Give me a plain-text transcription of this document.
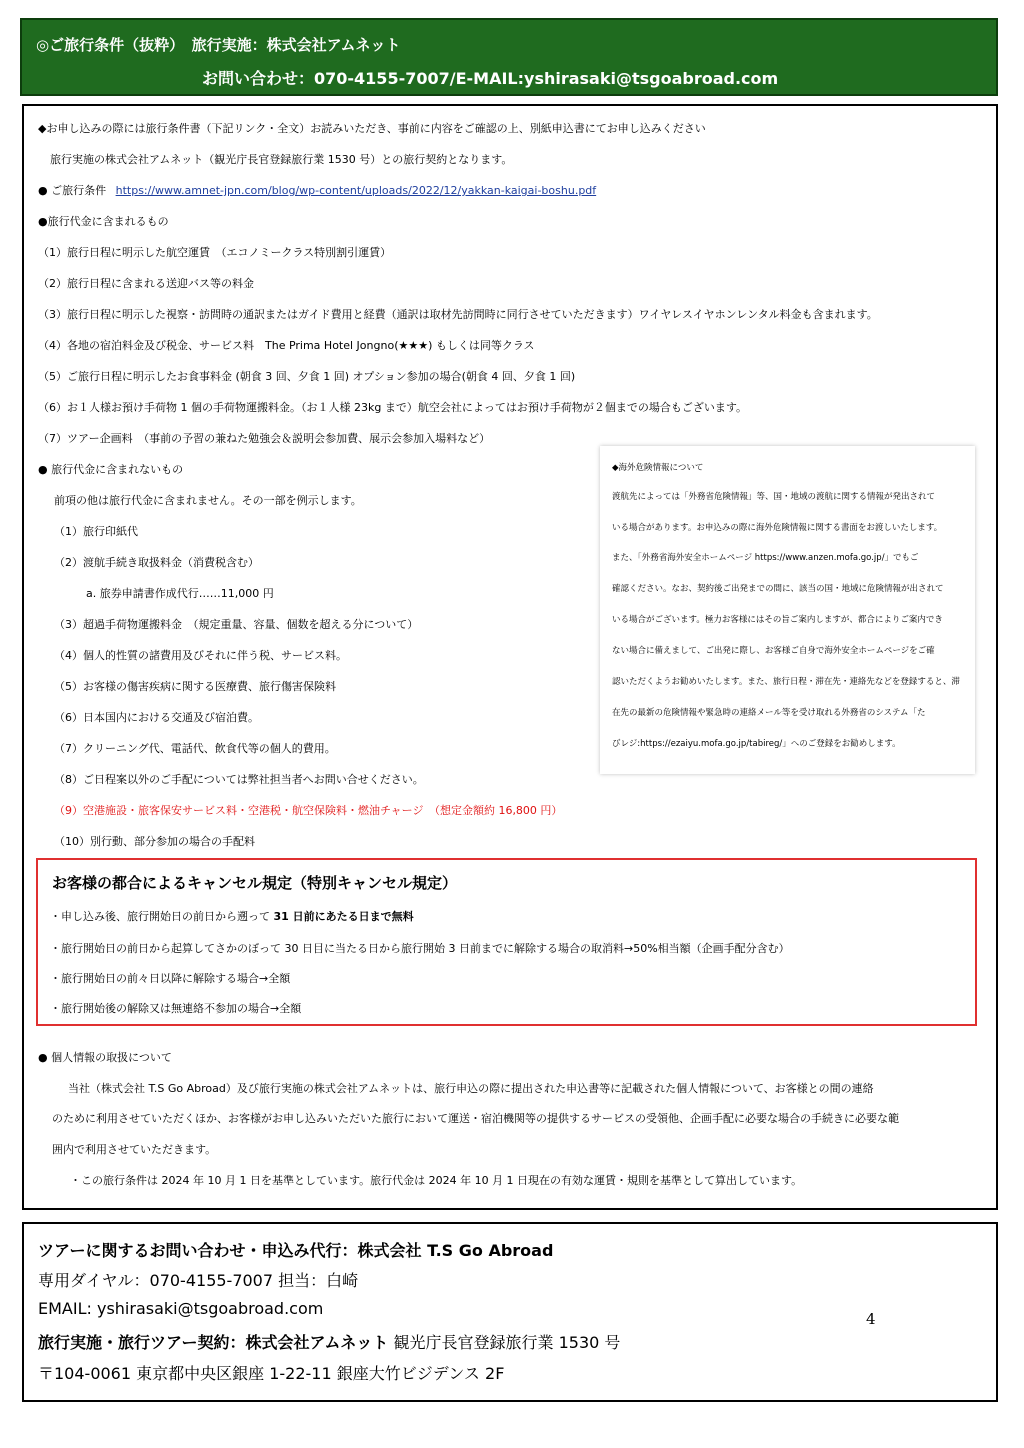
◎ご旅行条件（抜粋）　旅行実施：株式会社アムネット
お問い合わせ：070-4155-7007/E-MAIL:yshirasaki@tsgoabroad.com
◆お申し込みの際には旅行条件書（下記リンク・全文）お読みいただき、事前に内容をご確認の上、別紙申込書にてお申し込みください
旅行実施の株式会社アムネット（観光庁長官登録旅行業 1530 号）との旅行契約となります。
● ご旅行条件 https://www.amnet-jpn.com/blog/wp-content/uploads/2022/12/yakkan-kaigai-boshu.pdf
●旅行代金に含まれるもの
（1）旅行日程に明示した航空運賃　（エコノミークラス特別割引運賃）
（2）旅行日程に含まれる送迎バス等の料金
（3）旅行日程に明示した視察・訪問時の通訳またはガイド費用と経費（通訳は取材先訪問時に同行させていただきます）ワイヤレスイヤホンレンタル料金も含まれます。
（4）各地の宿泊料金及び税金、サービス料　The Prima Hotel Jongno(★★★) もしくは同等クラス
（5）ご旅行日程に明示したお食事料金 (朝食 3 回、夕食 1 回) オプション参加の場合(朝食 4 回、夕食 1 回)
（6）お１人様お預け手荷物 1 個の手荷物運搬料金。（お１人様 23kg まで）航空会社によってはお預け手荷物が２個までの場合もございます。
（7）ツアー企画料　（事前の予習の兼ねた勉強会＆説明会参加費、展示会参加入場料など）
● 旅行代金に含まれないもの
前項の他は旅行代金に含まれません。その一部を例示します。
（1）旅行印紙代
（2）渡航手続き取扱料金（消費税含む）
a. 旅券申請書作成代行……11,000 円
（3）超過手荷物運搬料金　（規定重量、容量、個数を超える分について）
（4）個人的性質の諸費用及びそれに伴う税、サービス料。
（5）お客様の傷害疾病に関する医療費、旅行傷害保険料
（6）日本国内における交通及び宿泊費。
（7）クリーニング代、電話代、飲食代等の個人的費用。
（8）ご日程案以外のご手配については弊社担当者へお問い合せください。
（9）空港施設・旅客保安サービス料・空港税・航空保険料・燃油チャージ　（想定金額約 16,800 円）
（10）別行動、部分参加の場合の手配料
● 個人情報の取扱について
当社（株式会社 T.S Go Abroad）及び旅行実施の株式会社アムネットは、旅行申込の際に提出された申込書等に記載された個人情報について、お客様との間の連絡
のために利用させていただくほか、お客様がお申し込みいただいた旅行において運送・宿泊機関等の提供するサービスの受領他、企画手配に必要な場合の手続きに必要な範
囲内で利用させていただきます。
・この旅行条件は 2024 年 10 月 1 日を基準としています。旅行代金は 2024 年 10 月 1 日現在の有効な運賃・規則を基準として算出しています。
◆海外危険情報について
渡航先によっては「外務省危険情報」等、国・地域の渡航に関する情報が発出されて
いる場合があります。お申込みの際に海外危険情報に関する書面をお渡しいたします。
また、「外務省海外安全ホームページ https://www.anzen.mofa.go.jp/」でもご
確認ください。なお、契約後ご出発までの間に、該当の国・地域に危険情報が出されて
いる場合がございます。極力お客様にはその旨ご案内しますが、都合によりご案内でき
ない場合に備えまして、ご出発に際し、お客様ご自身で海外安全ホームページをご確
認いただくようお勧めいたします。また、旅行日程・滞在先・連絡先などを登録すると、滞
在先の最新の危険情報や緊急時の連絡メール等を受け取れる外務省のシステム「た
びレジ:https://ezaiyu.mofa.go.jp/tabireg/」へのご登録をお勧めします。
お客様の都合によるキャンセル規定（特別キャンセル規定）
・申し込み後、旅行開始日の前日から遡って 31 日前にあたる日まで無料
・旅行開始日の前日から起算してさかのぼって 30 日目に当たる日から旅行開始 3 日前までに解除する場合の取消料→50%相当額（企画手配分含む）
・旅行開始日の前々日以降に解除する場合→全額
・旅行開始後の解除又は無連絡不参加の場合→全額
ツアーに関するお問い合わせ・申込み代行：株式会社 T.S Go Abroad
専用ダイヤル：070-4155-7007 担当：白崎
EMAIL: yshirasaki@tsgoabroad.com
旅行実施・旅行ツアー契約：株式会社アムネット 観光庁長官登録旅行業 1530 号
〒104-0061 東京都中央区銀座 1-22-11 銀座大竹ビジデンス 2F
4
